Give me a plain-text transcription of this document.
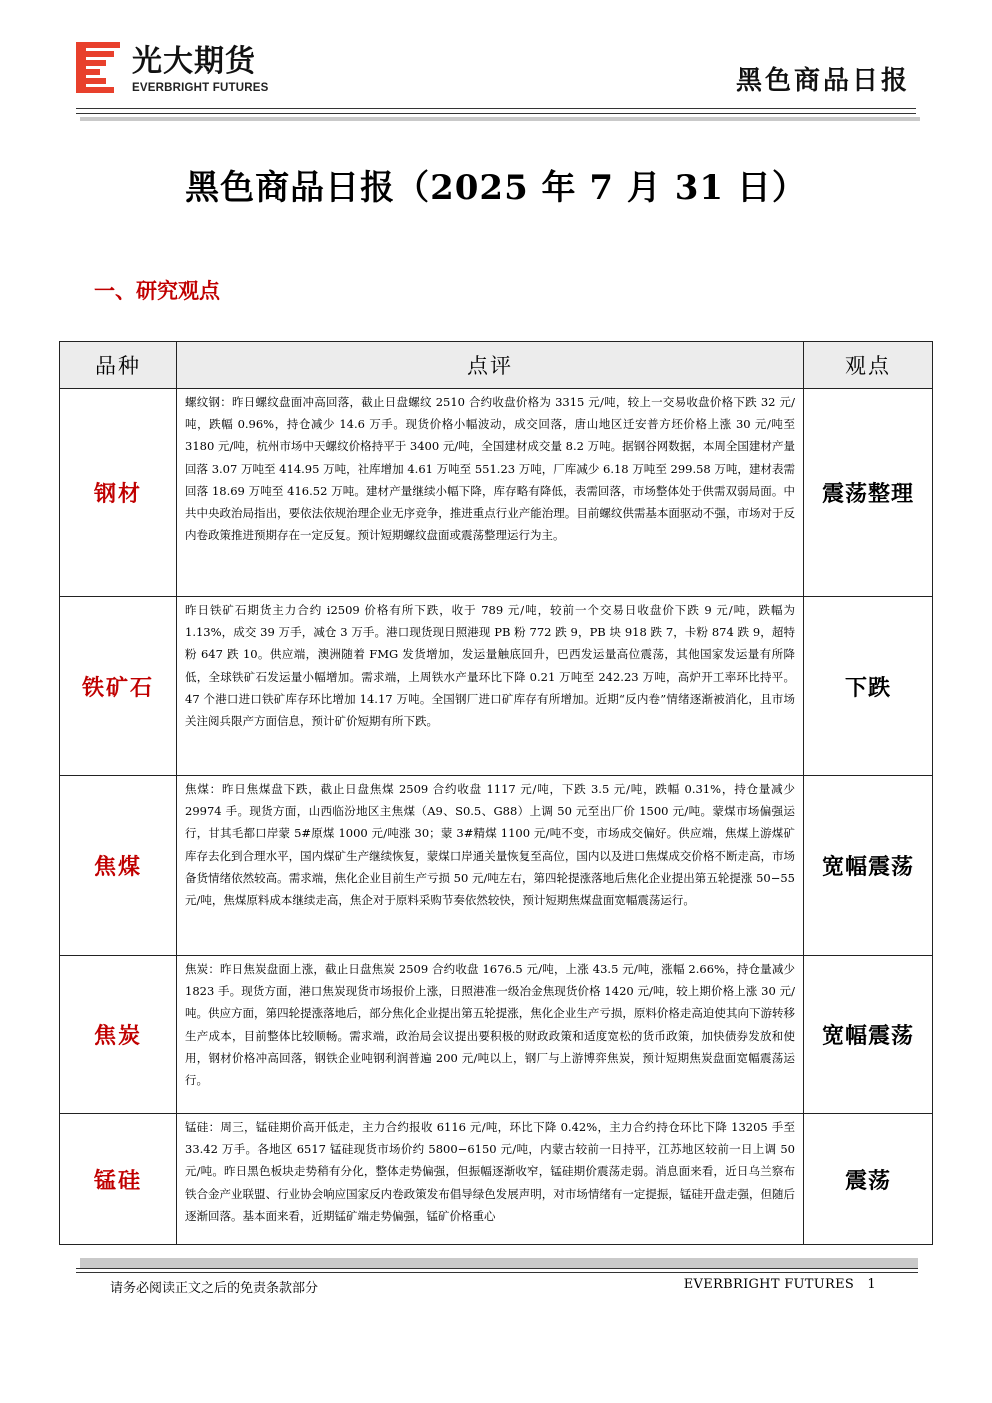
光大期货
EVERBRIGHT FUTURES	黑色商品日报
黑色商品日报（2025 年 7 月 31 日）
一、研究观点
品种	点评	观点
钢材	螺纹钢：昨日螺纹盘面冲高回落，截止日盘螺纹 2510 合约收盘价格为 3315 元/吨，较上一交易收盘价格下跌 32 元/吨，跌幅 0.96%，持仓减少 14.6 万手。现货价格小幅波动，成交回落，唐山地区迁安普方坯价格上涨 30 元/吨至 3180 元/吨，杭州市场中天螺纹价格持平于 3400 元/吨，全国建材成交量 8.2 万吨。据钢谷网数据，本周全国建材产量回落 3.07 万吨至 414.95 万吨，社库增加 4.61 万吨至 551.23 万吨，厂库减少 6.18 万吨至 299.58 万吨，建材表需回落 18.69 万吨至 416.52 万吨。建材产量继续小幅下降，库存略有降低，表需回落，市场整体处于供需双弱局面。中共中央政治局指出，要依法依规治理企业无序竞争，推进重点行业产能治理。目前螺纹供需基本面驱动不强，市场对于反内卷政策推进预期存在一定反复。预计短期螺纹盘面或震荡整理运行为主。	震荡整理
铁矿石	昨日铁矿石期货主力合约 i2509 价格有所下跌，收于 789 元/吨，较前一个交易日收盘价下跌 9 元/吨，跌幅为 1.13%，成交 39 万手，减仓 3 万手。港口现货现日照港现 PB 粉 772 跌 9，PB 块 918 跌 7，卡粉 874 跌 9，超特粉 647 跌 10。供应端，澳洲随着 FMG 发货增加，发运量触底回升，巴西发运量高位震荡，其他国家发运量有所降低，全球铁矿石发运量小幅增加。需求端，上周铁水产量环比下降 0.21 万吨至 242.23 万吨，高炉开工率环比持平。47 个港口进口铁矿库存环比增加 14.17 万吨。全国钢厂进口矿库存有所增加。近期“反内卷”情绪逐渐被消化，且市场关注阅兵限产方面信息，预计矿价短期有所下跌。	下跌
焦煤	焦煤：昨日焦煤盘下跌，截止日盘焦煤 2509 合约收盘 1117 元/吨，下跌 3.5 元/吨，跌幅 0.31%，持仓量减少 29974 手。现货方面，山西临汾地区主焦煤（A9、S0.5、G88）上调 50 元至出厂价 1500 元/吨。蒙煤市场偏强运行，甘其毛都口岸蒙 5#原煤 1000 元/吨涨 30；蒙 3#精煤 1100 元/吨不变，市场成交偏好。供应端，焦煤上游煤矿库存去化到合理水平，国内煤矿生产继续恢复，蒙煤口岸通关量恢复至高位，国内以及进口焦煤成交价格不断走高，市场备货情绪依然较高。需求端，焦化企业目前生产亏损 50 元/吨左右，第四轮提涨落地后焦化企业提出第五轮提涨 50−55 元/吨，焦煤原料成本继续走高，焦企对于原料采购节奏依然较快，预计短期焦煤盘面宽幅震荡运行。	宽幅震荡
焦炭	焦炭：昨日焦炭盘面上涨，截止日盘焦炭 2509 合约收盘 1676.5 元/吨，上涨 43.5 元/吨，涨幅 2.66%，持仓量减少 1823 手。现货方面，港口焦炭现货市场报价上涨，日照港准一级冶金焦现货价格 1420 元/吨，较上期价格上涨 30 元/吨。供应方面，第四轮提涨落地后，部分焦化企业提出第五轮提涨，焦化企业生产亏损，原料价格走高迫使其向下游转移生产成本，目前整体比较顺畅。需求端，政治局会议提出要积极的财政政策和适度宽松的货币政策，加快债券发放和使用，钢材价格冲高回落，钢铁企业吨钢利润普遍 200 元/吨以上，钢厂与上游博弈焦炭，预计短期焦炭盘面宽幅震荡运行。	宽幅震荡
锰硅	锰硅：周三，锰硅期价高开低走，主力合约报收 6116 元/吨，环比下降 0.42%，主力合约持仓环比下降 13205 手至 33.42 万手。各地区 6517 锰硅现货市场价约 5800−6150 元/吨，内蒙古较前一日持平，江苏地区较前一日上调 50 元/吨。昨日黑色板块走势稍有分化，整体走势偏强，但振幅逐渐收窄，锰硅期价震荡走弱。消息面来看，近日乌兰察布铁合金产业联盟、行业协会响应国家反内卷政策发布倡导绿色发展声明，对市场情绪有一定提振，锰硅开盘走强，但随后逐渐回落。基本面来看，近期锰矿端走势偏强，锰矿价格重心	震荡
请务必阅读正文之后的免责条款部分	EVERBRIGHT FUTURES 1
